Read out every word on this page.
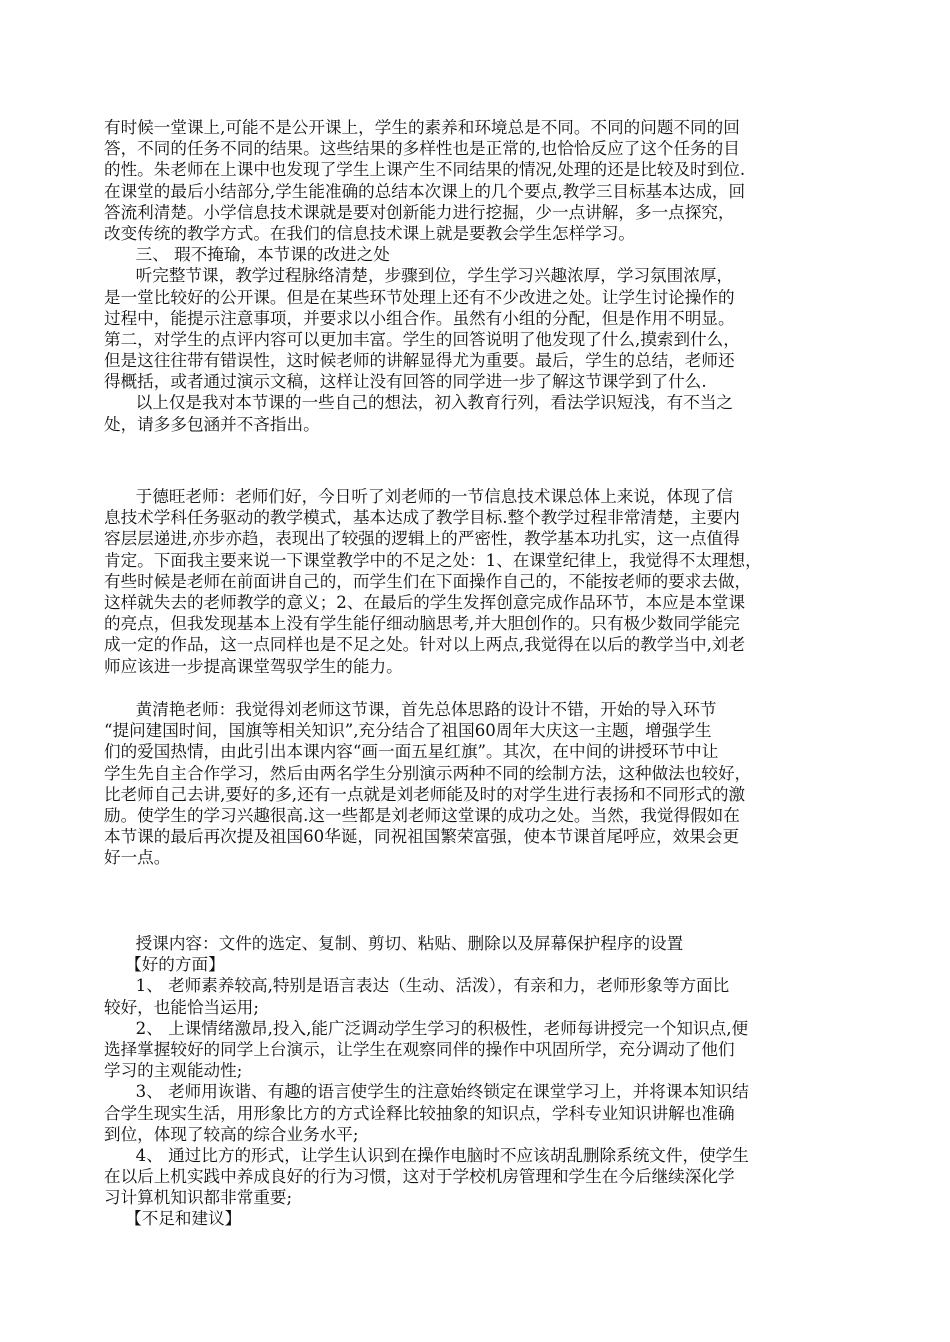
有时候一堂课上,可能不是公开课上，学生的素养和环境总是不同。不同的问题不同的回
答，不同的任务不同的结果。这些结果的多样性也是正常的,也恰恰反应了这个任务的目
的性。朱老师在上课中也发现了学生上课产生不同结果的情况,处理的还是比较及时到位.
在课堂的最后小结部分,学生能准确的总结本次课上的几个要点,教学三目标基本达成，回
答流利清楚。小学信息技术课就是要对创新能力进行挖掘，少一点讲解，多一点探究，
改变传统的教学方式。在我们的信息技术课上就是要教会学生怎样学习。
三、 瑕不掩瑜，本节课的改进之处
听完整节课，教学过程脉络清楚，步骤到位，学生学习兴趣浓厚，学习氛围浓厚，
是一堂比较好的公开课。但是在某些环节处理上还有不少改进之处。让学生讨论操作的
过程中，能提示注意事项，并要求以小组合作。虽然有小组的分配，但是作用不明显。
第二，对学生的点评内容可以更加丰富。学生的回答说明了他发现了什么,摸索到什么，
但是这往往带有错误性，这时候老师的讲解显得尤为重要。最后，学生的总结，老师还
得概括，或者通过演示文稿，这样让没有回答的同学进一步了解这节课学到了什么.
以上仅是我对本节课的一些自己的想法，初入教育行列，看法学识短浅，有不当之
处，请多多包涵并不吝指出。
于德旺老师：老师们好，今日听了刘老师的一节信息技术课总体上来说，体现了信
息技术学科任务驱动的教学模式，基本达成了教学目标.整个教学过程非常清楚，主要内
容层层递进,亦步亦趋，表现出了较强的逻辑上的严密性，教学基本功扎实，这一点值得
肯定。下面我主要来说一下课堂教学中的不足之处：1、在课堂纪律上，我觉得不太理想，
有些时候是老师在前面讲自己的，而学生们在下面操作自己的，不能按老师的要求去做，
这样就失去的老师教学的意义；2、在最后的学生发挥创意完成作品环节，本应是本堂课
的亮点，但我发现基本上没有学生能仔细动脑思考,并大胆创作的。只有极少数同学能完
成一定的作品，这一点同样也是不足之处。针对以上两点,我觉得在以后的教学当中,刘老
师应该进一步提高课堂驾驭学生的能力。
黄清艳老师：我觉得刘老师这节课，首先总体思路的设计不错，开始的导入环节
“提问建国时间，国旗等相关知识”,充分结合了祖国60周年大庆这一主题，增强学生
们的爱国热情，由此引出本课内容“画一面五星红旗”。其次，在中间的讲授环节中让
学生先自主合作学习，然后由两名学生分别演示两种不同的绘制方法，这种做法也较好，
比老师自己去讲,要好的多,还有一点就是刘老师能及时的对学生进行表扬和不同形式的激
励。使学生的学习兴趣很高.这一些都是刘老师这堂课的成功之处。当然，我觉得假如在
本节课的最后再次提及祖国60华诞，同祝祖国繁荣富强，使本节课首尾呼应，效果会更
好一点。
授课内容：文件的选定、复制、剪切、粘贴、删除以及屏幕保护程序的设置
【好的方面】
1、 老师素养较高,特别是语言表达（生动、活泼），有亲和力，老师形象等方面比
较好，也能恰当运用;
2、 上课情绪激昂,投入,能广泛调动学生学习的积极性，老师每讲授完一个知识点,便
选择掌握较好的同学上台演示，让学生在观察同伴的操作中巩固所学，充分调动了他们
学习的主观能动性;
3、 老师用诙谐、有趣的语言使学生的注意始终锁定在课堂学习上，并将课本知识结
合学生现实生活，用形象比方的方式诠释比较抽象的知识点，学科专业知识讲解也准确
到位，体现了较高的综合业务水平;
4、 通过比方的形式，让学生认识到在操作电脑时不应该胡乱删除系统文件，使学生
在以后上机实践中养成良好的行为习惯，这对于学校机房管理和学生在今后继续深化学
习计算机知识都非常重要;
【不足和建议】
